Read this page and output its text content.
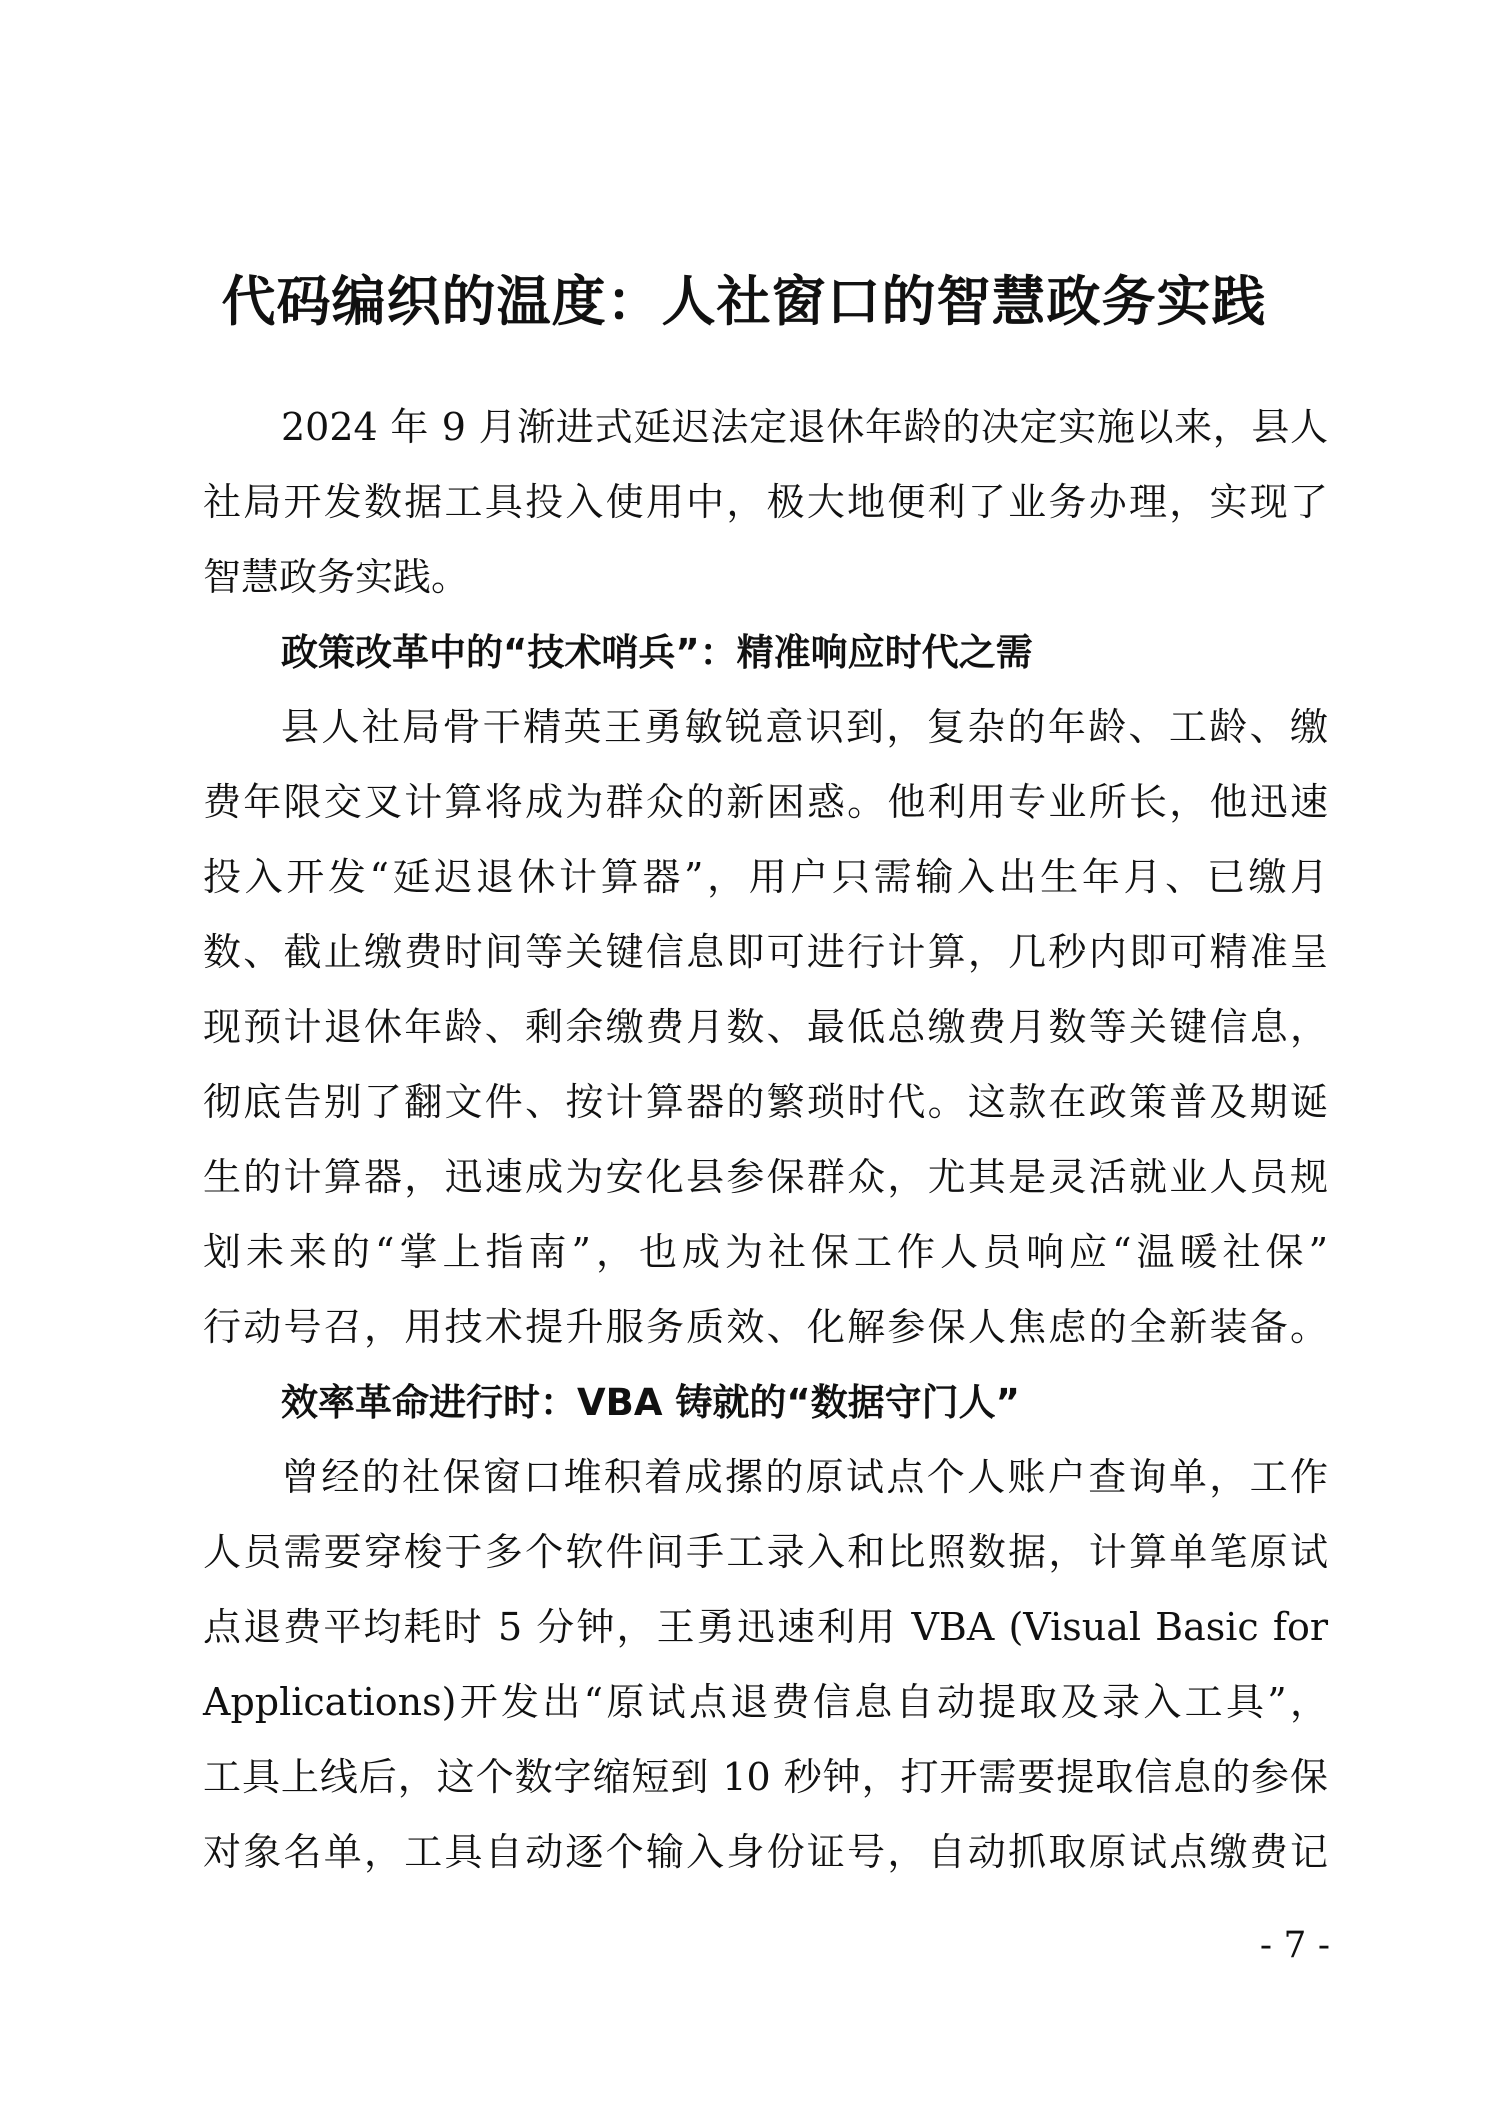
代码编织的温度：人社窗口的智慧政务实践
2024 年 9 月渐进式延迟法定退休年龄的决定实施以来，县人
社局开发数据工具投入使用中，极大地便利了业务办理，实现了
智慧政务实践。
政策改革中的“技术哨兵”：精准响应时代之需
县人社局骨干精英王勇敏锐意识到，复杂的年龄、工龄、缴
费年限交叉计算将成为群众的新困惑。他利用专业所长，他迅速
投入开发“延迟退休计算器”，用户只需输入出生年月、已缴月
数、截止缴费时间等关键信息即可进行计算，几秒内即可精准呈
现预计退休年龄、剩余缴费月数、最低总缴费月数等关键信息，
彻底告别了翻文件、按计算器的繁琐时代。这款在政策普及期诞
生的计算器，迅速成为安化县参保群众，尤其是灵活就业人员规
划未来的“掌上指南”，也成为社保工作人员响应“温暖社保”
行动号召，用技术提升服务质效、化解参保人焦虑的全新装备。
效率革命进行时：VBA 铸就的“数据守门人”
曾经的社保窗口堆积着成摞的原试点个人账户查询单，工作
人员需要穿梭于多个软件间手工录入和比照数据，计算单笔原试
点退费平均耗时 5 分钟，王勇迅速利用 VBA (Visual Basic for
Applications)开发出“原试点退费信息自动提取及录入工具”，
工具上线后，这个数字缩短到 10 秒钟，打开需要提取信息的参保
对象名单，工具自动逐个输入身份证号，自动抓取原试点缴费记
- 7 -
